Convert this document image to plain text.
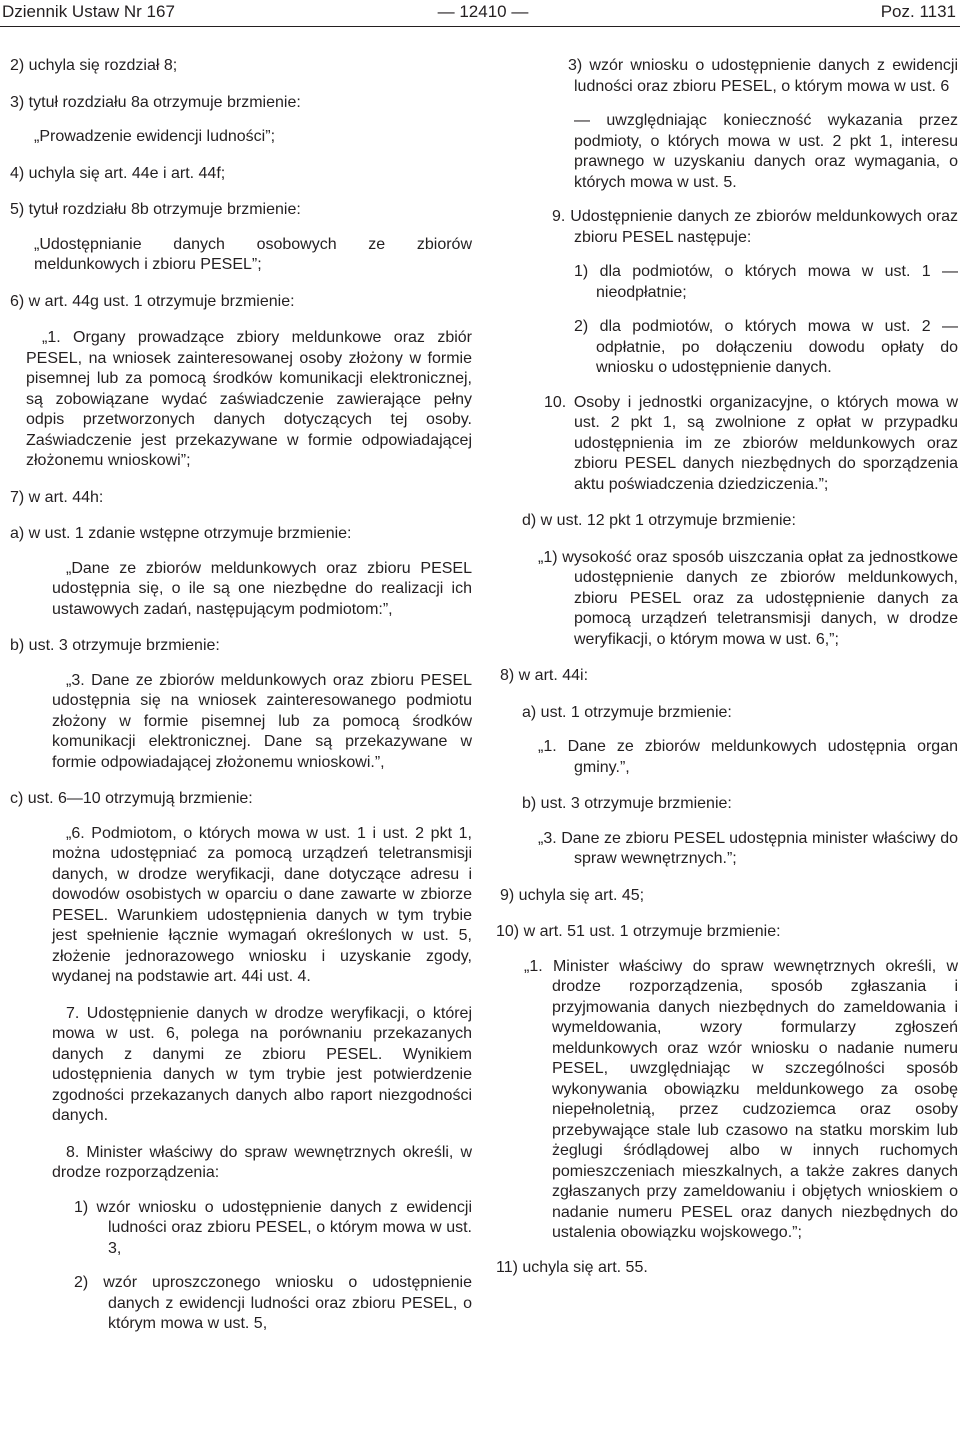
Dziennik Ustaw Nr 167	— 12410 —	Poz. 1131

2) uchyla się rozdział 8;

3) tytuł rozdziału 8a otrzymuje brzmienie:

„Prowadzenie ewidencji ludności”;

4) uchyla się art. 44e i art. 44f;

5) tytuł rozdziału 8b otrzymuje brzmienie:

„Udostępnianie danych osobowych ze zbiorów meldunkowych i zbioru PESEL”;

6) w art. 44g ust. 1 otrzymuje brzmienie:

„1. Organy prowadzące zbiory meldunkowe oraz zbiór PESEL, na wniosek zainteresowanej osoby złożony w formie pisemnej lub za pomocą środków komunikacji elektronicznej, są zobowiązane wydać zaświadczenie zawierające pełny odpis przetworzonych danych dotyczących tej osoby. Zaświadczenie jest przekazywane w formie odpowiadającej złożonemu wnioskowi”;

7) w art. 44h:

a) w ust. 1 zdanie wstępne otrzymuje brzmienie:

„Dane ze zbiorów meldunkowych oraz zbioru PESEL udostępnia się, o ile są one niezbędne do realizacji ich ustawowych zadań, następującym podmiotom:”,

b) ust. 3 otrzymuje brzmienie:

„3. Dane ze zbiorów meldunkowych oraz zbioru PESEL udostępnia się na wniosek zainteresowanego podmiotu złożony w formie pisemnej lub za pomocą środków komunikacji elektronicznej. Dane są przekazywane w formie odpowiadającej złożonemu wnioskowi.”,

c) ust. 6—10 otrzymują brzmienie:

„6. Podmiotom, o których mowa w ust. 1 i ust. 2 pkt 1, można udostępniać za pomocą urządzeń teletransmisji danych, w drodze weryfikacji, dane dotyczące adresu i dowodów osobistych w oparciu o dane zawarte w zbiorze PESEL. Warunkiem udostępnienia danych w tym trybie jest spełnienie łącznie wymagań określonych w ust. 5, złożenie jednorazowego wniosku i uzyskanie zgody, wydanej na podstawie art. 44i ust. 4.

7. Udostępnienie danych w drodze weryfikacji, o której mowa w ust. 6, polega na porównaniu przekazanych danych z danymi ze zbioru PESEL. Wynikiem udostępnienia danych w tym trybie jest potwierdzenie zgodności przekazanych danych albo raport niezgodności danych.

8. Minister właściwy do spraw wewnętrznych określi, w drodze rozporządzenia:

1) wzór wniosku o udostępnienie danych z ewidencji ludności oraz zbioru PESEL, o którym mowa w ust. 3,

2) wzór uproszczonego wniosku o udostępnienie danych z ewidencji ludności oraz zbioru PESEL, o którym mowa w ust. 5,

3) wzór wniosku o udostępnienie danych z ewidencji ludności oraz zbioru PESEL, o którym mowa w ust. 6

— uwzględniając konieczność wykazania przez podmioty, o których mowa w ust. 2 pkt 1, interesu prawnego w uzyskaniu danych oraz wymagania, o których mowa w ust. 5.

9. Udostępnienie danych ze zbiorów meldunkowych oraz zbioru PESEL następuje:

1) dla podmiotów, o których mowa w ust. 1 — nieodpłatnie;

2) dla podmiotów, o których mowa w ust. 2 — odpłatnie, po dołączeniu dowodu opłaty do wniosku o udostępnienie danych.

10. Osoby i jednostki organizacyjne, o których mowa w ust. 2 pkt 1, są zwolnione z opłat w przypadku udostępnienia im ze zbiorów meldunkowych oraz zbioru PESEL danych niezbędnych do sporządzenia aktu poświadczenia dziedziczenia.”;

d) w ust. 12 pkt 1 otrzymuje brzmienie:

„1) wysokość oraz sposób uiszczania opłat za jednostkowe udostępnienie danych ze zbiorów meldunkowych, zbioru PESEL oraz za udostępnienie danych za pomocą urządzeń teletransmisji danych, w drodze weryfikacji, o którym mowa w ust. 6,”;

8) w art. 44i:

a) ust. 1 otrzymuje brzmienie:

„1. Dane ze zbiorów meldunkowych udostępnia organ gminy.”,

b) ust. 3 otrzymuje brzmienie:

„3. Dane ze zbioru PESEL udostępnia minister właściwy do spraw wewnętrznych.”;

9) uchyla się art. 45;

10) w art. 51 ust. 1 otrzymuje brzmienie:

„1. Minister właściwy do spraw wewnętrznych określi, w drodze rozporządzenia, sposób zgłaszania i przyjmowania danych niezbędnych do zameldowania i wymeldowania, wzory formularzy zgłoszeń meldunkowych oraz wzór wniosku o nadanie numeru PESEL, uwzględniając w szczególności sposób wykonywania obowiązku meldunkowego za osobę niepełnoletnią, przez cudzoziemca oraz osoby przebywające stale lub czasowo na statku morskim lub żeglugi śródlądowej albo w innych ruchomych pomieszczeniach mieszkalnych, a także zakres danych zgłaszanych przy zameldowaniu i objętych wnioskiem o nadanie numeru PESEL oraz danych niezbędnych do ustalenia obowiązku wojskowego.”;

11) uchyla się art. 55.
